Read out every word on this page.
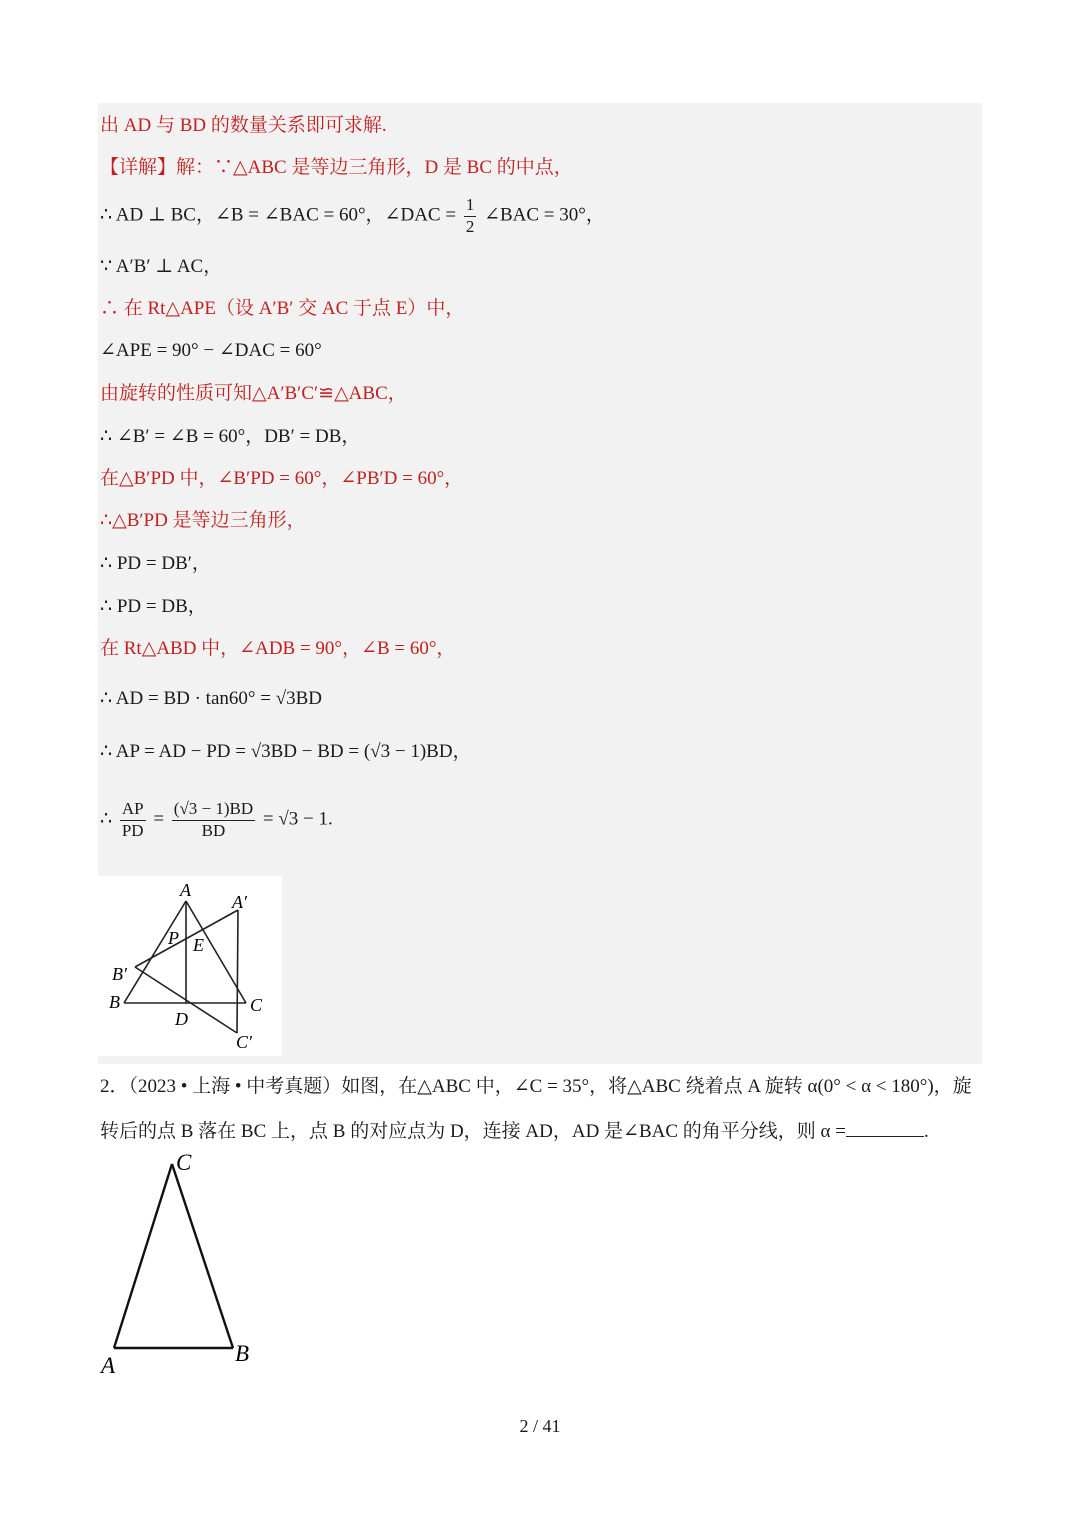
出 AD 与 BD 的数量关系即可求解.
【详解】解：∵△ABC 是等边三角形，D 是 BC 的中点，
∴ AD ⊥ BC，∠B = ∠BAC = 60°，∠DAC = $\frac{1}{2}$ ∠BAC = 30°，
∵ A′B′ ⊥ AC，
∴ 在 Rt△APE（设 A′B′ 交 AC 于点 E）中，
∠APE = 90° − ∠DAC = 60°
由旋转的性质可知△A′B′C′≌△ABC，
∴ ∠B′ = ∠B = 60°，DB′ = DB，
在△B′PD 中，∠B′PD = 60°，∠PB′D = 60°，
∴△B′PD 是等边三角形，
∴ PD = DB′，
∴ PD = DB，
在 Rt△ABD 中，∠ADB = 90°，∠B = 60°，
∴ AD = BD · tan60° = √3BD
∴ AP = AD − PD = √3BD − BD = (√3 − 1)BD，
∴ $\frac{AP}{PD} = \frac{(√3 - 1)BD}{BD} = √3 - 1$.
A
A′
P E
B′
B	C
D
C′
2．（2023 • 上海 • 中考真题）如图，在△ABC 中，∠C = 35°，将△ABC 绕着点 A 旋转 α(0° < α < 180°)，旋
转后的点 B 落在 BC 上，点 B 的对应点为 D，连接 AD，AD 是∠BAC 的角平分线，则 α =	.
C
A	B
2 / 41
